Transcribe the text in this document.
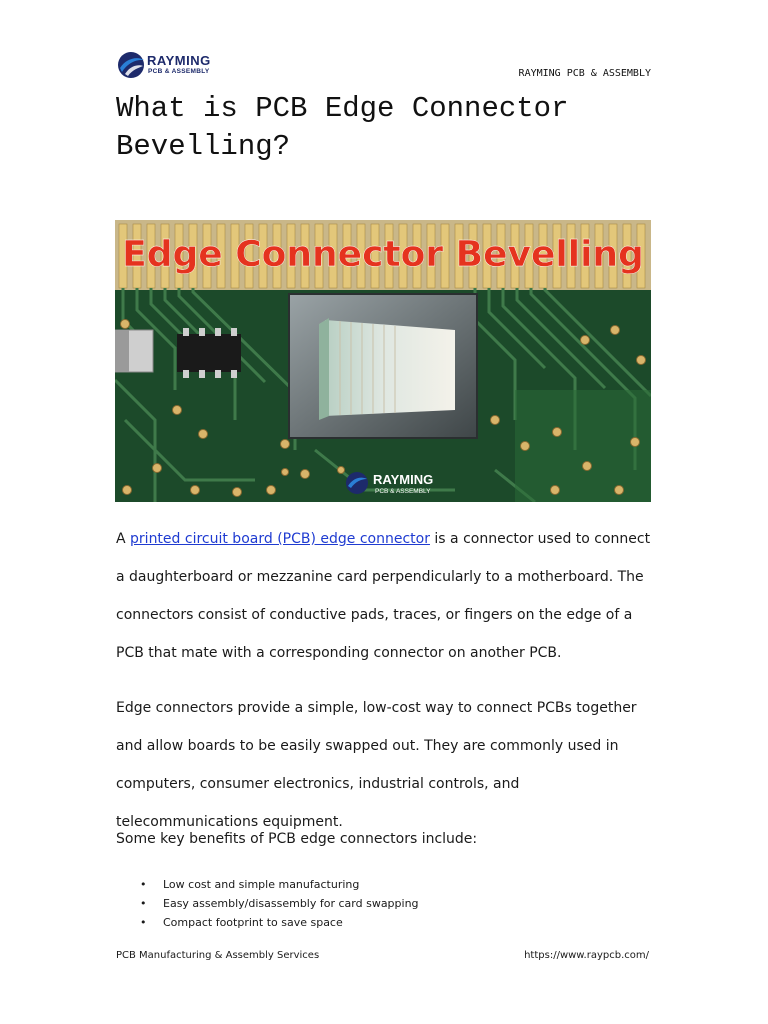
RAYMING
PCB & ASSEMBLY	RAYMING PCB & ASSEMBLY
What is PCB Edge Connector Bevelling?
Edge Connector Bevelling
RAYMING
PCB & ASSEMBLY

A printed circuit board (PCB) edge connector is a connector used to connect a daughterboard or mezzanine card perpendicularly to a motherboard. The connectors consist of conductive pads, traces, or fingers on the edge of a PCB that mate with a corresponding connector on another PCB.

Edge connectors provide a simple, low-cost way to connect PCBs together and allow boards to be easily swapped out. They are commonly used in computers, consumer electronics, industrial controls, and telecommunications equipment.

Some key benefits of PCB edge connectors include:

• Low cost and simple manufacturing
• Easy assembly/disassembly for card swapping
• Compact footprint to save space
PCB Manufacturing & Assembly Services	https://www.raypcb.com/
